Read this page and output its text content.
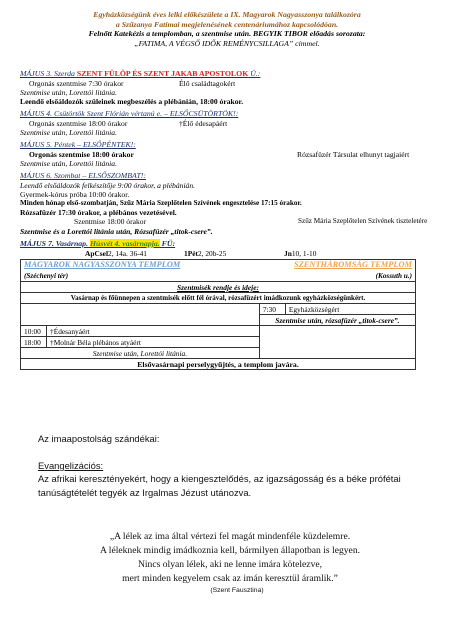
Egyházközségünk éves lelki előkészülete a IX. Magyarok Nagyasszonya találkozóra
a Szűzanya Fatimai megjelenésének centenáriumához kapcsolódóan.
Felnőtt Katekézis a templomban, a szentmise után. BEGYIK TIBOR előadás sorozata:
„FATIMA, A VÉGSŐ IDŐK REMÉNYCSILLAGA” címmel.
MÁJUS 3. Szerda SZENT FÜLÖP ÉS SZENT JAKAB APOSTOLOK Ü.:
Orgonás szentmise 7:30 órakor	Élő családtagokért
Szentmise után, Lorettói litánia.
Leendő elsőáldozók szüleinek megbeszélés a plébánián, 18:00 órakor.
MÁJUS 4. Csütörtök Szent Flórián vértanú e. – ELSŐCSÜTÖRTÖK!:
Orgonás szentmise 18:00 órakor	†Élő édesapáért
Szentmise után, Lorettói litánia.
MÁJUS 5. Péntek – ELSŐPÉNTEK!:
Orgonás szentmise 18:00 órakor	Rózsafüzér Társulat elhunyt tagjaiért
Szentmise után, Lorettói litánia.
MÁJUS 6. Szombat – ELSŐSZOMBAT!:
Leendő elsőáldozók felkészítője 9:00 órakor, a plébánián.
Gyermek-kórus próba 10:00 órakor.
Minden hónap első-szombatján, Szűz Mária Szeplőtelen Szívének engesztelése 17:15 órakor.
Rózsafüzér 17:30 órakor, a plébános vezetésével.
Szentmise 18:00 órakor	Szűz Mária Szeplőtelen Szívének tiszteletére
Szentmise és a Lorettói litánia után, Rózsafüzér „titok-csere”.
MÁJUS 7. Vasárnap. Húsvét 4. vasárnapja. FÜ:
ApCsel2, 14a. 36-41	1Pét2, 20b-25	Jn10, 1-10
MAGYAROK NAGYASSZONYA TEMPLOM		SZENTHÁROMSÁG TEMPLOM	
(Széchenyi tér)		(Kossuth u.)	
Szentmisék rendje és ideje:			
Vasárnap és főünnepen a szentmisék előtt fél órával, rózsafüzért imádkozunk egyházközségünkért.			
		7:30	Egyházközségért
		Szentmise után, rózsafüzér „titok-csere”.	
10:00	†Édesanyáért		
18:00	†Molnár Béla plébános atyáért		
Szentmise után, Lorettói litánia.			
Elsővasárnapi perselygyűjtés, a templom javára.			
Az imaapostolság szándékai:
Evangelizációs:
Az afrikai keresztényekért, hogy a kiengesztelődés, az igazságosság és a béke prófétai
tanúságtételét tegyék az Irgalmas Jézust utánozva.
„A lélek az ima által vértezi fel magát mindenféle küzdelemre.
A léleknek mindig imádkoznia kell, bármilyen állapotban is legyen.
Nincs olyan lélek, aki ne lenne imára kötelezve,
mert minden kegyelem csak az imán keresztül áramlik.”
(Szent Fausztina)
